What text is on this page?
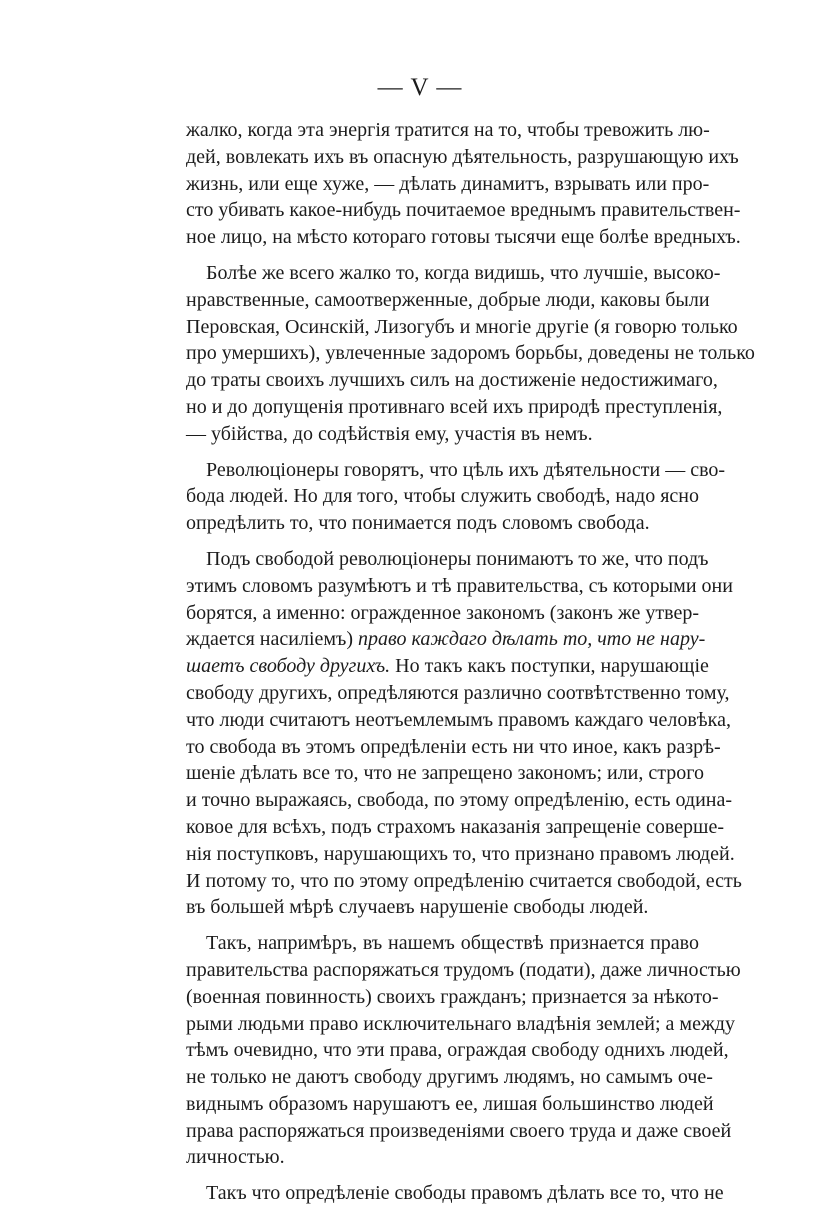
— V —
жалко, когда эта энергія тратится на то, чтобы тревожить лю-
дей, вовлекать ихъ въ опасную дѣятельность, разрушающую ихъ
жизнь, или еще хуже, — дѣлать динамитъ, взрывать или про-
сто убивать какое-нибудь почитаемое вреднымъ правительствен-
ное лицо, на мѣсто котораго готовы тысячи еще болѣе вредныхъ.
Болѣе же всего жалко то, когда видишь, что лучшіе, высоко-
нравственные, самоотверженные, добрые люди, каковы были
Перовская, Осинскій, Лизогубъ и многіе другіе (я говорю только
про умершихъ), увлеченные задоромъ борьбы, доведены не только
до траты своихъ лучшихъ силъ на достиженіе недостижимаго,
но и до допущенія противнаго всей ихъ природѣ преступленія,
— убійства, до содѣйствія ему, участія въ немъ.
Революціонеры говорятъ, что цѣль ихъ дѣятельности — сво-
бода людей. Но для того, чтобы служить свободѣ, надо ясно
опредѣлить то, что понимается подъ словомъ свобода.
Подъ свободой революціонеры понимаютъ то же, что подъ
этимъ словомъ разумѣютъ и тѣ правительства, съ которыми они
борятся, а именно: огражденное закономъ (законъ же утвер-
ждается насиліемъ) право каждаго дѣлать то, что не нару-
шаетъ свободу другихъ. Но такъ какъ поступки, нарушающіе
свободу другихъ, опредѣляются различно соотвѣтственно тому,
что люди считаютъ неотъемлемымъ правомъ каждаго человѣка,
то свобода въ этомъ опредѣленіи есть ни что иное, какъ разрѣ-
шеніе дѣлать все то, что не запрещено закономъ; или, строго
и точно выражаясь, свобода, по этому опредѣленію, есть одина-
ковое для всѣхъ, подъ страхомъ наказанія запрещеніе соверше-
нія поступковъ, нарушающихъ то, что признано правомъ людей.
И потому то, что по этому опредѣленію считается свободой, есть
въ большей мѣрѣ случаевъ нарушеніе свободы людей.
Такъ, напримѣръ, въ нашемъ обществѣ признается право
правительства распоряжаться трудомъ (подати), даже личностью
(военная повинность) своихъ гражданъ; признается за нѣкото-
рыми людьми право исключительнаго владѣнія землей; а между
тѣмъ очевидно, что эти права, ограждая свободу однихъ людей,
не только не даютъ свободу другимъ людямъ, но самымъ оче-
виднымъ образомъ нарушаютъ ее, лишая большинство людей
права распоряжаться произведеніями своего труда и даже своей
личностью.
Такъ что опредѣленіе свободы правомъ дѣлать все то, что не
